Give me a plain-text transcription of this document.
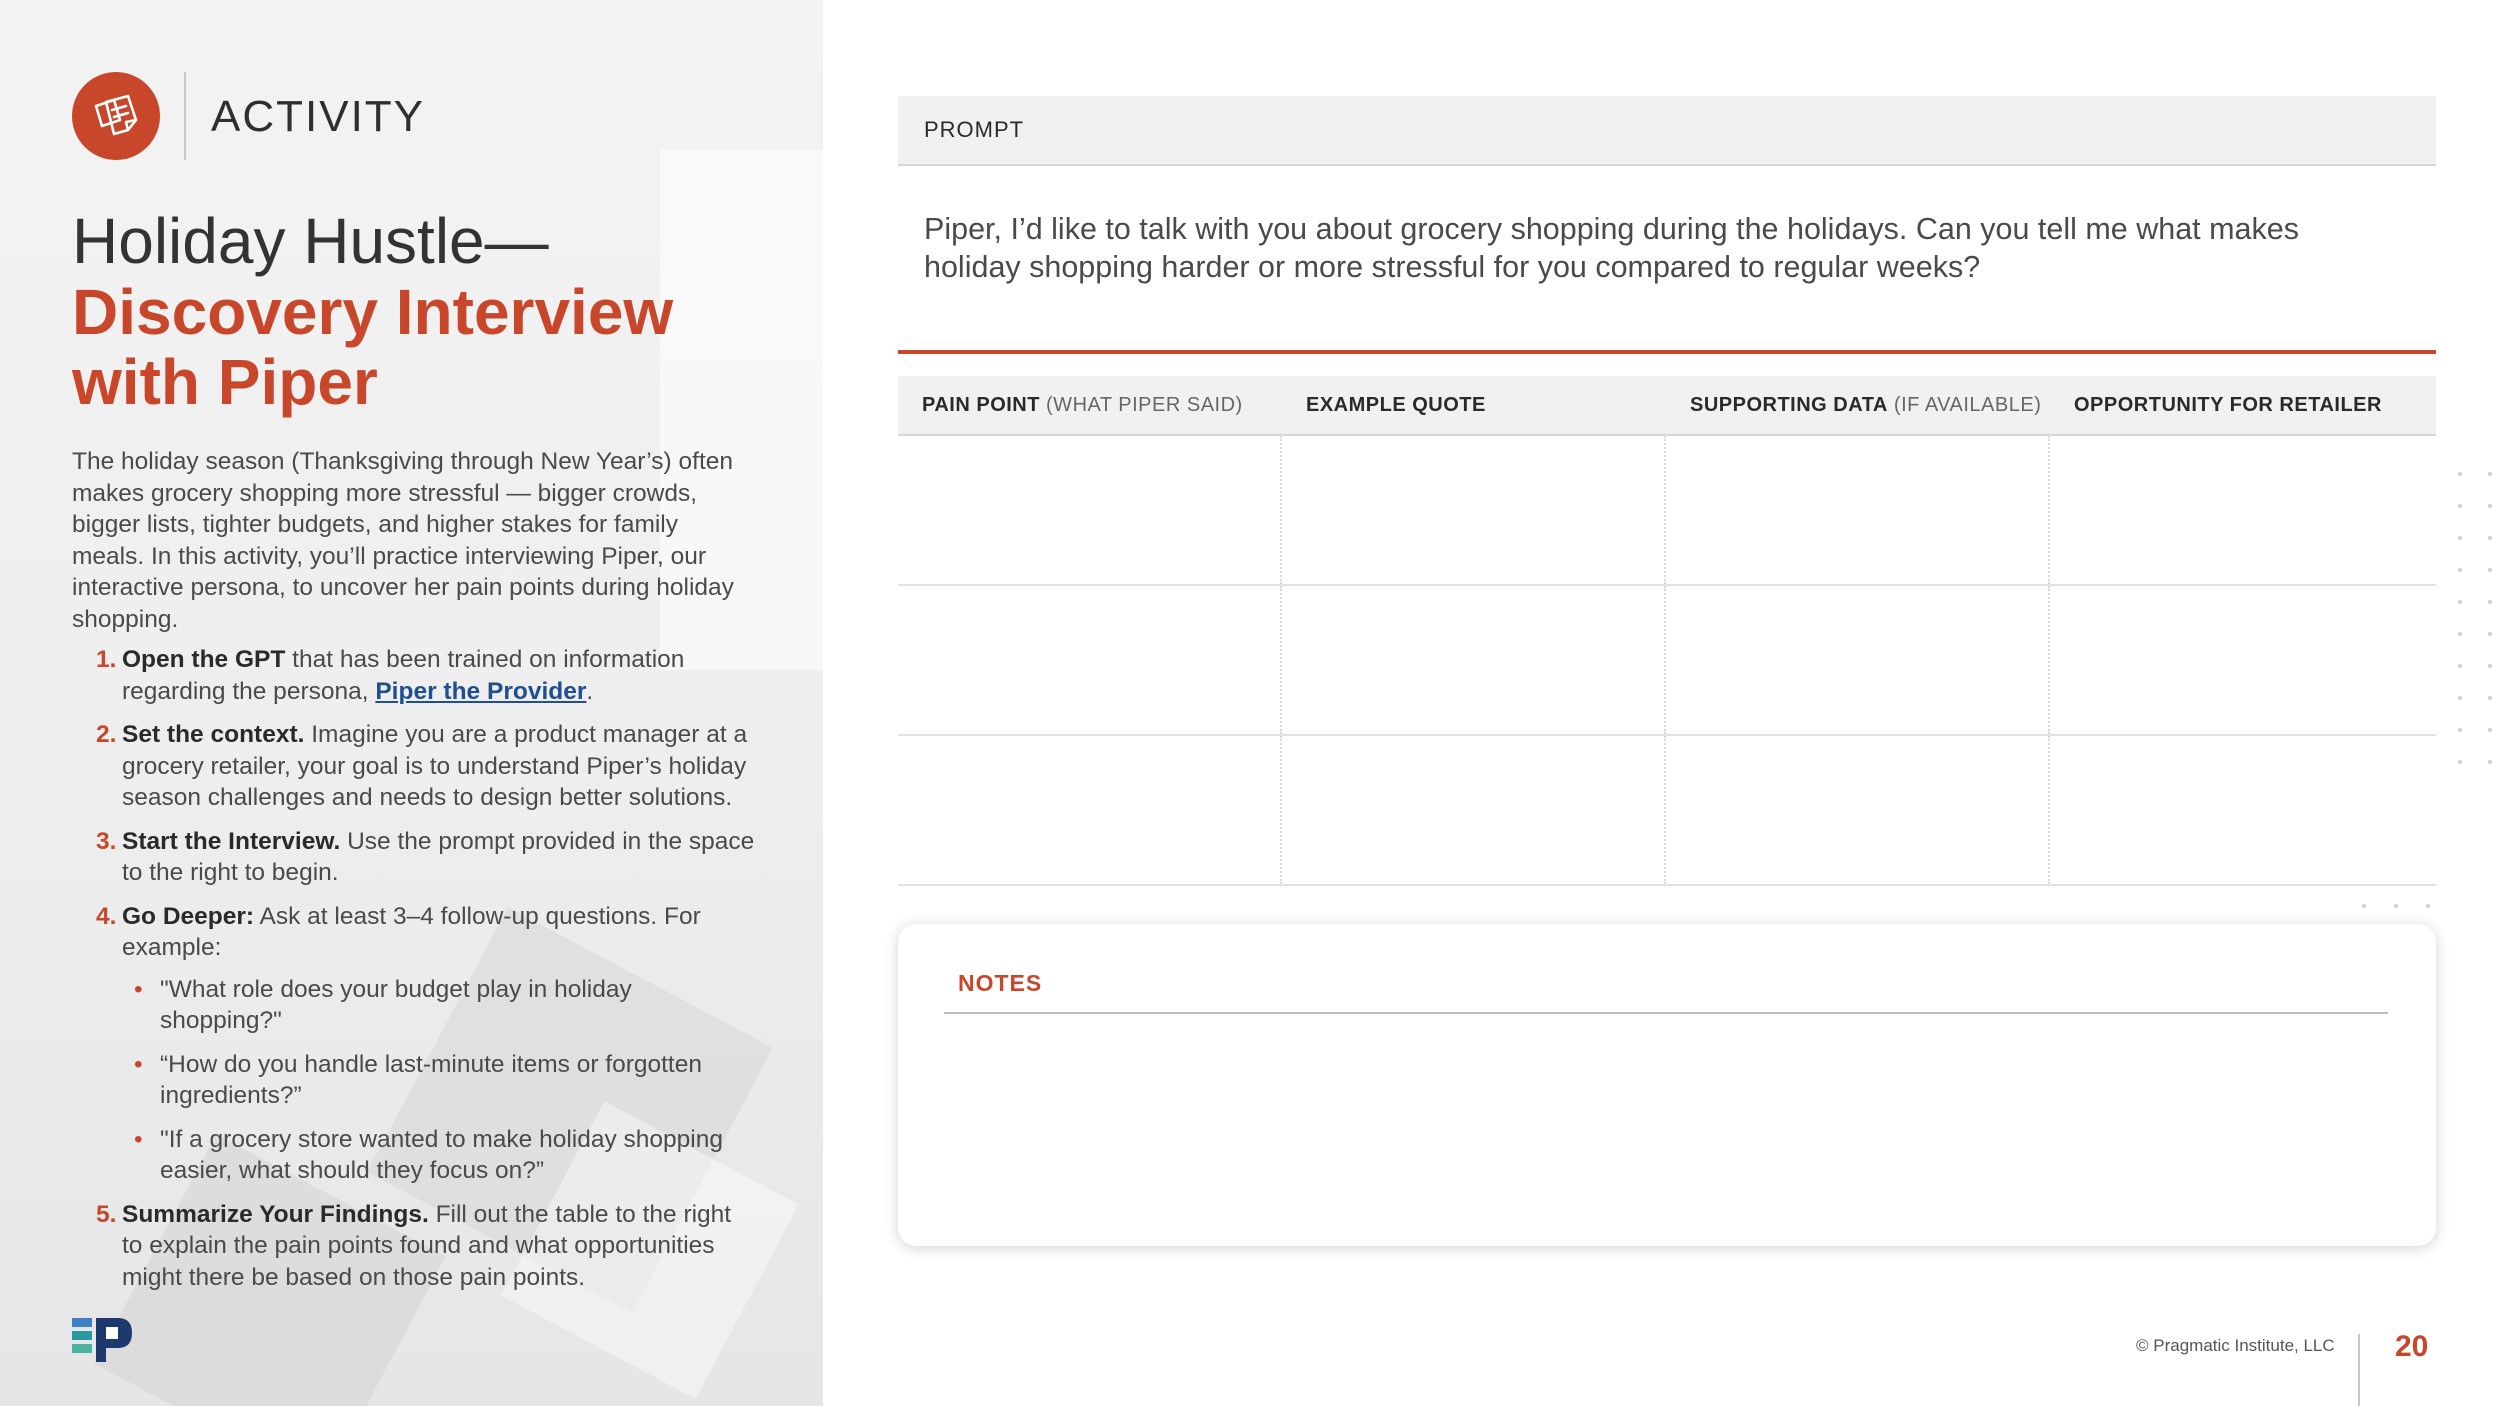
ACTIVITY
Holiday Hustle—
Discovery Interview
with Piper
The holiday season (Thanksgiving through New Year’s) often makes grocery shopping more stressful — bigger crowds, bigger lists, tighter budgets, and higher stakes for family meals. In this activity, you’ll practice interviewing Piper, our interactive persona, to uncover her pain points during holiday shopping.
1. Open the GPT that has been trained on information regarding the persona, Piper the Provider.
2. Set the context. Imagine you are a product manager at a grocery retailer, your goal is to understand Piper’s holiday season challenges and needs to design better solutions.
3. Start the Interview. Use the prompt provided in the space to the right to begin.
4. Go Deeper: Ask at least 3–4 follow-up questions. For example:
• "What role does your budget play in holiday shopping?"
• “How do you handle last-minute items or forgotten ingredients?”
• "If a grocery store wanted to make holiday shopping easier, what should they focus on?”
5. Summarize Your Findings. Fill out the table to the right to explain the pain points found and what opportunities might there be based on those pain points.
PROMPT
Piper, I’d like to talk with you about grocery shopping during the holidays. Can you tell me what makes holiday shopping harder or more stressful for you compared to regular weeks?
PAIN POINT (WHAT PIPER SAID)	EXAMPLE QUOTE	SUPPORTING DATA (IF AVAILABLE)	OPPORTUNITY FOR RETAILER
NOTES
© Pragmatic Institute, LLC 20
